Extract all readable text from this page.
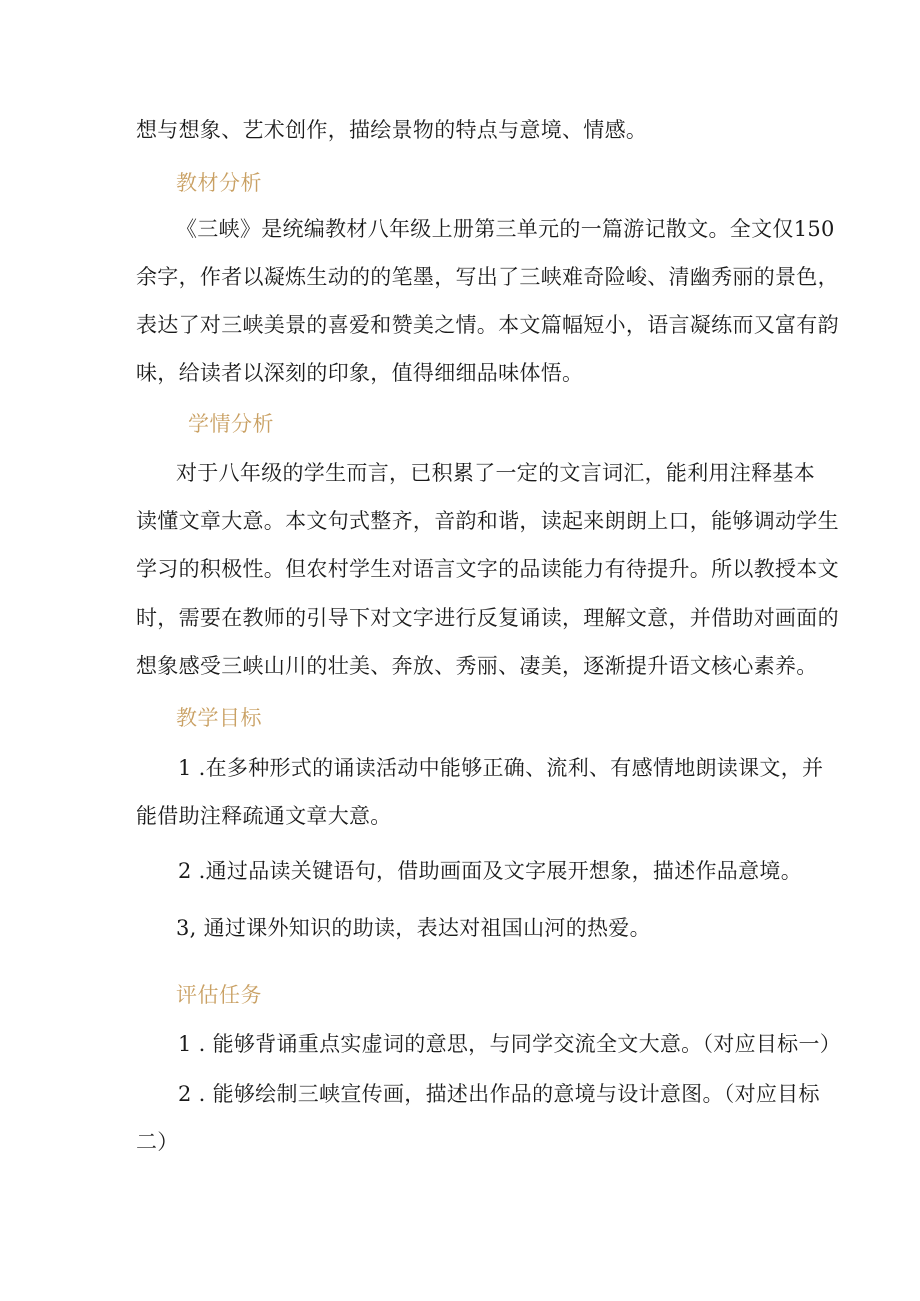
想与想象、艺术创作，描绘景物的特点与意境、情感。
教材分析
《三峡》是统编教材八年级上册第三单元的一篇游记散文。全文仅150
余字，作者以凝炼生动的的笔墨，写出了三峡难奇险峻、清幽秀丽的景色，
表达了对三峡美景的喜爱和赞美之情。本文篇幅短小，语言凝练而又富有韵
味，给读者以深刻的印象，值得细细品味体悟。
学情分析
对于八年级的学生而言，已积累了一定的文言词汇，能利用注释基本
读懂文章大意。本文句式整齐，音韵和谐，读起来朗朗上口，能够调动学生
学习的积极性。但农村学生对语言文字的品读能力有待提升。所以教授本文
时，需要在教师的引导下对文字进行反复诵读，理解文意，并借助对画面的
想象感受三峡山川的壮美、奔放、秀丽、凄美，逐渐提升语文核心素养。
教学目标
1 .在多种形式的诵读活动中能够正确、流利、有感情地朗读课文，并
能借助注释疏通文章大意。
2 .通过品读关键语句，借助画面及文字展开想象，描述作品意境。
3, 通过课外知识的助读，表达对祖国山河的热爱。
评估任务
1 . 能够背诵重点实虚词的意思，与同学交流全文大意。（对应目标一）
2 . 能够绘制三峡宣传画，描述出作品的意境与设计意图。（对应目标
二）
